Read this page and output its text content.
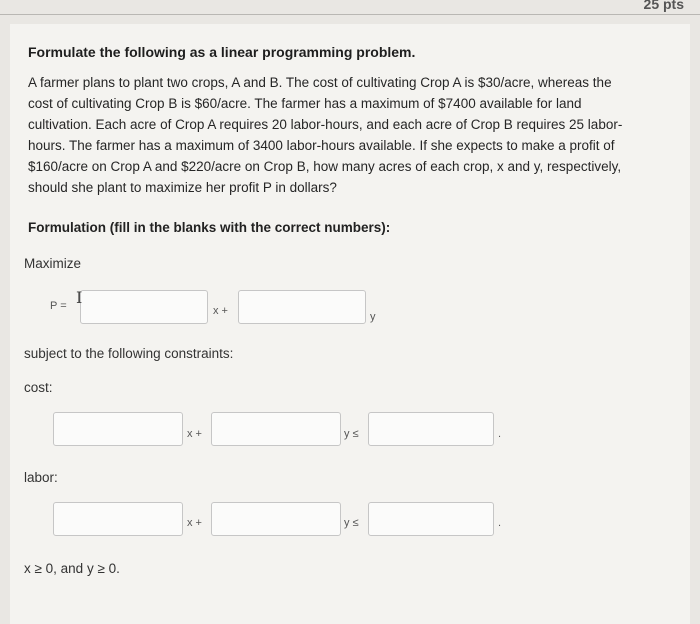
25 pts
Formulate the following as a linear programming problem.
A farmer plans to plant two crops, A and B. The cost of cultivating Crop A is $30/acre, whereas the
cost of cultivating Crop B is $60/acre. The farmer has a maximum of $7400 available for land
cultivation. Each acre of Crop A requires 20 labor-hours, and each acre of Crop B requires 25 labor-
hours. The farmer has a maximum of 3400 labor-hours available. If she expects to make a profit of
$160/acre on Crop A and $220/acre on Crop B, how many acres of each crop, x and y, respectively,
should she plant to maximize her profit P in dollars?
Formulation (fill in the blanks with the correct numbers):
Maximize
P = I
x +	y
subject to the following constraints:
cost:
x +	y ≤	.
labor:
x +	y ≤	.
x ≥ 0, and y ≥ 0.
